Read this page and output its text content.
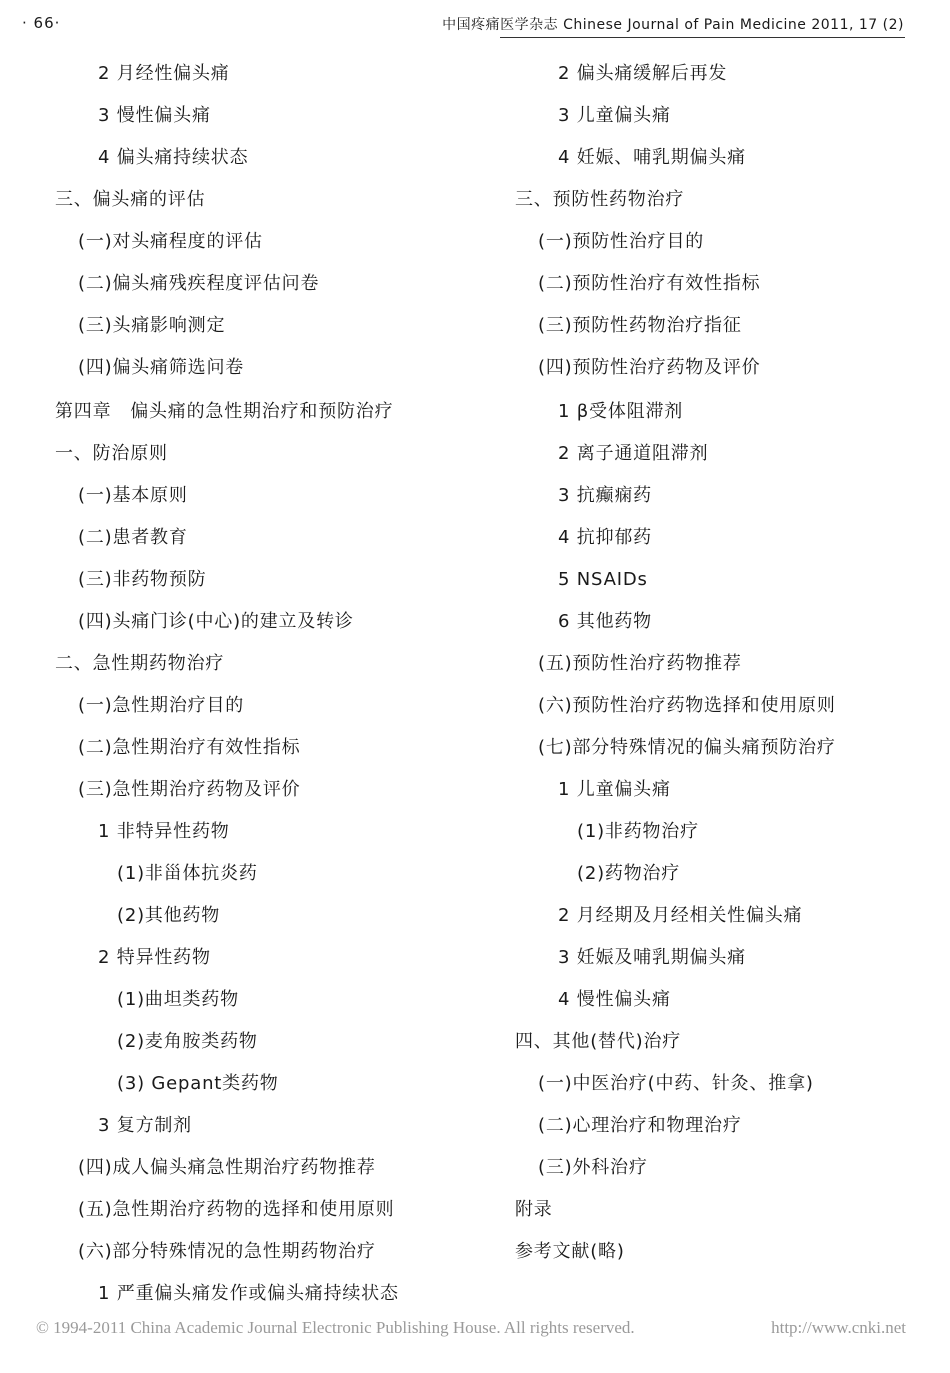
· 66·	中国疼痛医学杂志 Chinese Journal of Pain Medicine 2011, 17 (2)
2 月经性偏头痛
3 慢性偏头痛
4 偏头痛持续状态
三、偏头痛的评估
(一)对头痛程度的评估
(二)偏头痛残疾程度评估问卷
(三)头痛影响测定
(四)偏头痛筛选问卷
第四章　偏头痛的急性期治疗和预防治疗
一、防治原则
(一)基本原则
(二)患者教育
(三)非药物预防
(四)头痛门诊(中心)的建立及转诊
二、急性期药物治疗
(一)急性期治疗目的
(二)急性期治疗有效性指标
(三)急性期治疗药物及评价
1 非特异性药物
(1)非甾体抗炎药
(2)其他药物
2 特异性药物
(1)曲坦类药物
(2)麦角胺类药物
(3) Gepant类药物
3 复方制剂
(四)成人偏头痛急性期治疗药物推荐
(五)急性期治疗药物的选择和使用原则
(六)部分特殊情况的急性期药物治疗
1 严重偏头痛发作或偏头痛持续状态
2 偏头痛缓解后再发
3 儿童偏头痛
4 妊娠、哺乳期偏头痛
三、预防性药物治疗
(一)预防性治疗目的
(二)预防性治疗有效性指标
(三)预防性药物治疗指征
(四)预防性治疗药物及评价
1 β受体阻滞剂
2 离子通道阻滞剂
3 抗癫痫药
4 抗抑郁药
5 NSAIDs
6 其他药物
(五)预防性治疗药物推荐
(六)预防性治疗药物选择和使用原则
(七)部分特殊情况的偏头痛预防治疗
1 儿童偏头痛
(1)非药物治疗
(2)药物治疗
2 月经期及月经相关性偏头痛
3 妊娠及哺乳期偏头痛
4 慢性偏头痛
四、其他(替代)治疗
(一)中医治疗(中药、针灸、推拿)
(二)心理治疗和物理治疗
(三)外科治疗
附录
参考文献(略)
© 1994-2011 China Academic Journal Electronic Publishing House. All rights reserved.	http://www.cnki.net
